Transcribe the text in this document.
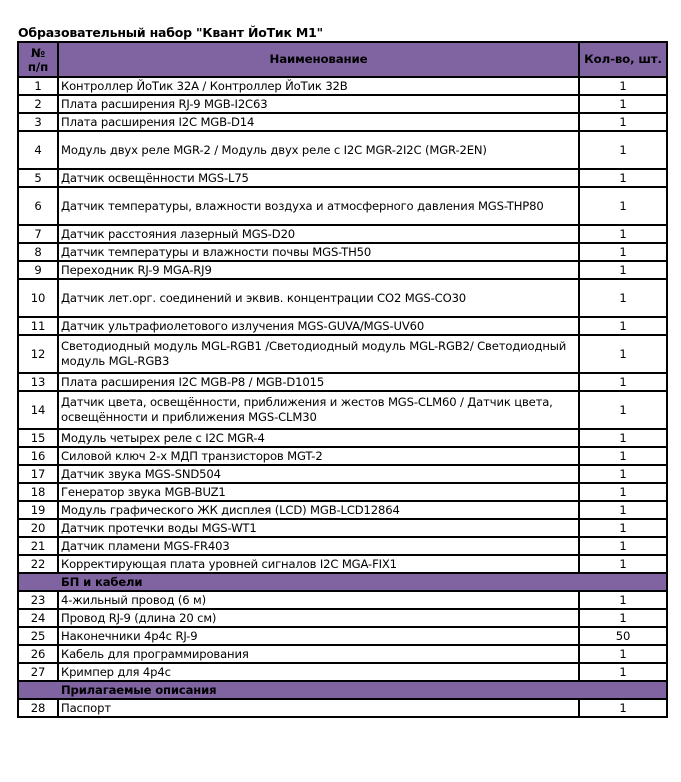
Образовательный набор "Квант ЙоТик М1"
№
п/п	Наименование	Кол-во, шт.
1	Контроллер ЙоТик 32А / Контроллер ЙоТик 32В	1
2	Плата расширения RJ-9 MGB-I2C63	1
3	Плата расширения I2C MGB-D14	1
4	Модуль двух реле MGR-2 / Модуль двух реле с I2C MGR-2I2C (MGR-2EN)	1
5	Датчик освещённости MGS-L75	1
6	Датчик температуры, влажности воздуха и атмосферного давления MGS-THP80	1
7	Датчик расстояния лазерный MGS-D20	1
8	Датчик температуры и влажности почвы MGS-TH50	1
9	Переходник RJ-9 MGA-RJ9	1
10	Датчик лет.орг. соединений и эквив. концентрации CO2 MGS-CO30	1
11	Датчик ультрафиолетового излучения MGS-GUVA/MGS-UV60	1
12	Светодиодный модуль MGL-RGB1 /Светодиодный модуль MGL-RGB2/ Светодиодный модуль MGL-RGB3	1
13	Плата расширения I2C MGB-P8 / MGB-D1015	1
14	Датчик цвета, освещённости, приближения и жестов MGS-CLM60 / Датчик цвета, освещённости и приближения MGS-CLM30	1
15	Модуль четырех реле с I2C MGR-4	1
16	Силовой ключ 2-х МДП транзисторов MGT-2	1
17	Датчик звука MGS-SND504	1
18	Генератор звука MGB-BUZ1	1
19	Модуль графического ЖК дисплея (LCD) MGB-LCD12864	1
20	Датчик протечки воды MGS-WT1	1
21	Датчик пламени MGS-FR403	1
22	Корректирующая плата уровней сигналов I2C MGA-FIX1	1
	БП и кабели	
23	4-жильный провод (6 м)	1
24	Провод RJ-9 (длина 20 см)	1
25	Наконечники 4р4с RJ-9	50
26	Кабель для программирования	1
27	Кримпер для 4р4с	1
	Прилагаемые описания	
28	Паспорт	1
